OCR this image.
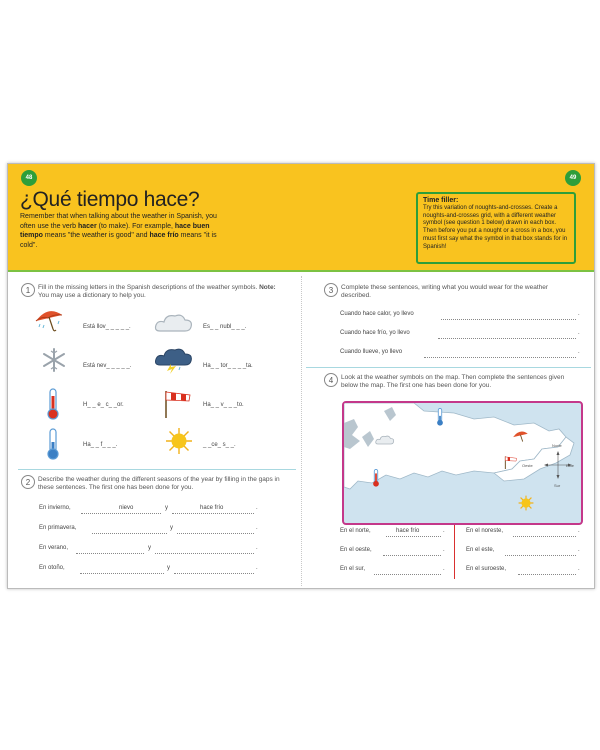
48	49
¿Qué tiempo hace?
Remember that when talking about the weather in Spanish, you often use the verb hacer (to make). For example, hace buen tiempo means "the weather is good" and hace frío means "it is cold".
Time filler:
Try this variation of noughts-and-crosses. Create a noughts-and-crosses grid, with a different weather symbol (see question 1 below) drawn in each box. Then before you put a nought or a cross in a box, you must first say what the symbol in that box stands for in Spanish!
1	Fill in the missing letters in the Spanish descriptions of the weather symbols. Note: You may use a dictionary to help you.
Está llov_ _ _ _ _.
Está nev_ _ _ _ _.
H_ _ e_ c_ _or.
Ha_ _ f_ _ _.
Es_ _ nubl_ _ _.
Ha_ _ tor_ _ _ _ta.
Ha_ _ v_ _ _to.
_ _ce_ s_ _.
2	Describe the weather during the different seasons of the year by filling in the gaps in these sentences. The first one has been done for you.
En invierno,	nievo	y	hace frío	.
En primavera,	y	.
En verano,	y	.
En otoño,	y	.
3	Complete these sentences, writing what you would wear for the weather described.
Cuando hace calor, yo llevo	.
Cuando hace frío, yo llevo	.
Cuando llueve, yo llevo	.
4	Look at the weather symbols on the map. Then complete the sentences given below the map. The first one has been done for you.
Norte
Sur
Este
Oeste
En el norte,	hace frío	.
En el oeste,	.
En el sur,	.
En el noreste,	.
En el este,	.
En el suroeste,	.
